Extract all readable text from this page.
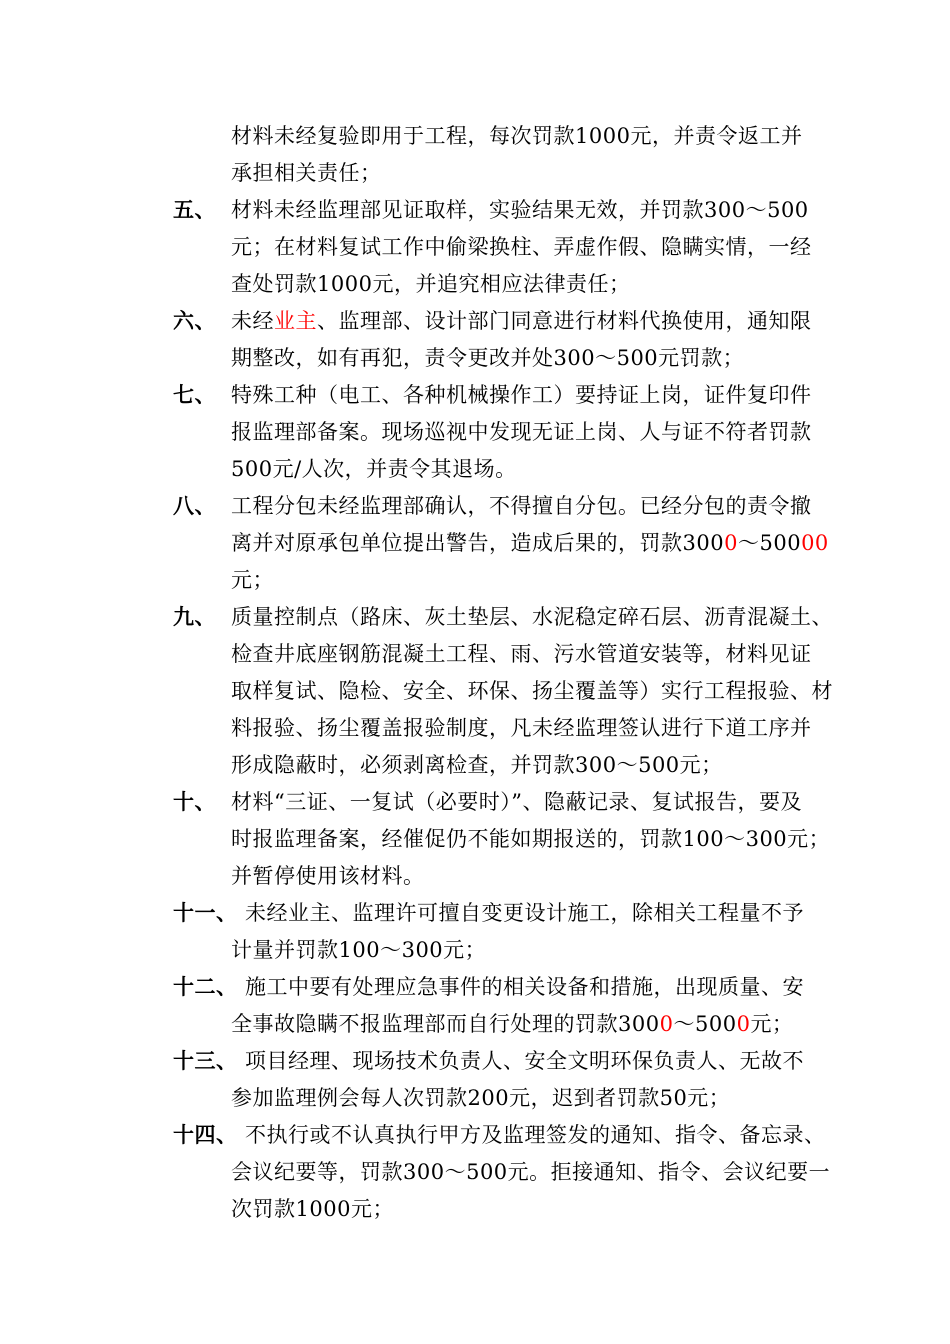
材料未经复验即用于工程，每次罚款1000元，并责令返工并
承担相关责任；
五、 材料未经监理部见证取样，实验结果无效，并罚款300～500
元；在材料复试工作中偷梁换柱、弄虚作假、隐瞒实情，一经
查处罚款1000元，并追究相应法律责任；
六、 未经业主、监理部、设计部门同意进行材料代换使用，通知限
期整改，如有再犯，责令更改并处300～500元罚款；
七、 特殊工种（电工、各种机械操作工）要持证上岗，证件复印件
报监理部备案。现场巡视中发现无证上岗、人与证不符者罚款
500元/人次，并责令其退场。
八、 工程分包未经监理部确认，不得擅自分包。已经分包的责令撤
离并对原承包单位提出警告，造成后果的，罚款3000～50000
元；
九、 质量控制点（路床、灰土垫层、水泥稳定碎石层、沥青混凝土、
检查井底座钢筋混凝土工程、雨、污水管道安装等，材料见证
取样复试、隐检、安全、环保、扬尘覆盖等）实行工程报验、材
料报验、扬尘覆盖报验制度，凡未经监理签认进行下道工序并
形成隐蔽时，必须剥离检查，并罚款300～500元；
十、 材料“三证、一复试（必要时）”、隐蔽记录、复试报告，要及
时报监理备案，经催促仍不能如期报送的，罚款100～300元；
并暂停使用该材料。
十一、 未经业主、监理许可擅自变更设计施工，除相关工程量不予
计量并罚款100～300元；
十二、 施工中要有处理应急事件的相关设备和措施，出现质量、安
全事故隐瞒不报监理部而自行处理的罚款3000～5000元；
十三、 项目经理、现场技术负责人、安全文明环保负责人、无故不
参加监理例会每人次罚款200元，迟到者罚款50元；
十四、 不执行或不认真执行甲方及监理签发的通知、指令、备忘录、
会议纪要等，罚款300～500元。拒接通知、指令、会议纪要一
次罚款1000元；
